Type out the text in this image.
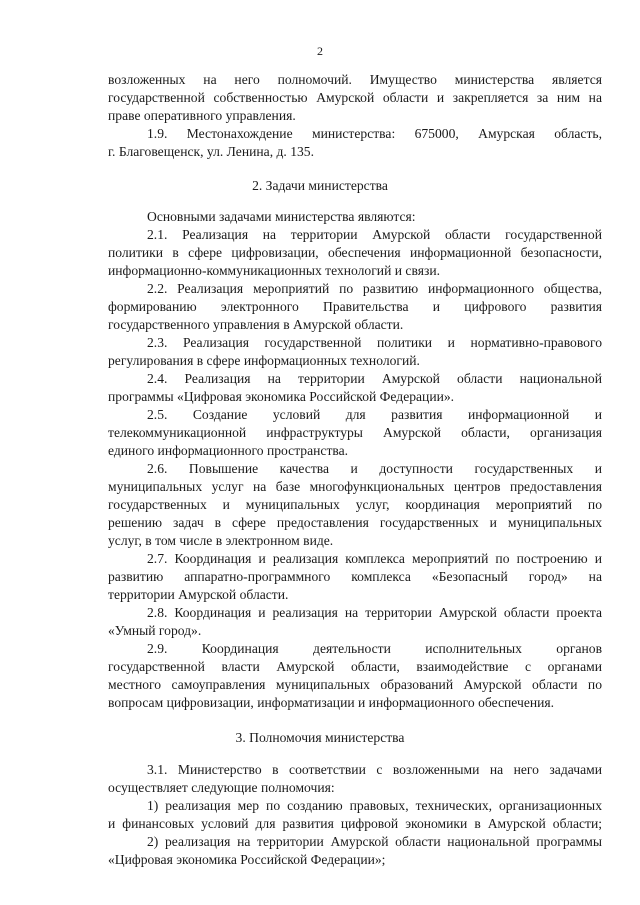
2
возложенных на него полномочий. Имущество министерства является
государственной собственностью Амурской области и закрепляется за ним на
праве оперативного управления.
1.9. Местонахождение министерства: 675000, Амурская область,
г. Благовещенск, ул. Ленина, д. 135.
2. Задачи министерства
Основными задачами министерства являются:
2.1. Реализация на территории Амурской области государственной
политики в сфере цифровизации, обеспечения информационной безопасности,
информационно-коммуникационных технологий и связи.
2.2. Реализация мероприятий по развитию информационного общества,
формированию электронного Правительства и цифрового развития
государственного управления в Амурской области.
2.3. Реализация государственной политики и нормативно-правового
регулирования в сфере информационных технологий.
2.4. Реализация на территории Амурской области национальной
программы «Цифровая экономика Российской Федерации».
2.5. Создание условий для развития информационной и
телекоммуникационной инфраструктуры Амурской области, организация
единого информационного пространства.
2.6. Повышение качества и доступности государственных и
муниципальных услуг на базе многофункциональных центров предоставления
государственных и муниципальных услуг, координация мероприятий по
решению задач в сфере предоставления государственных и муниципальных
услуг, в том числе в электронном виде.
2.7. Координация и реализация комплекса мероприятий по построению и
развитию аппаратно-программного комплекса «Безопасный город» на
территории Амурской области.
2.8. Координация и реализация на территории Амурской области проекта
«Умный город».
2.9. Координация деятельности исполнительных органов
государственной власти Амурской области, взаимодействие с органами
местного самоуправления муниципальных образований Амурской области по
вопросам цифровизации, информатизации и информационного обеспечения.
3. Полномочия министерства
3.1. Министерство в соответствии с возложенными на него задачами
осуществляет следующие полномочия:
1) реализация мер по созданию правовых, технических, организационных
и финансовых условий для развития цифровой экономики в Амурской области;
2) реализация на территории Амурской области национальной программы
«Цифровая экономика Российской Федерации»;
